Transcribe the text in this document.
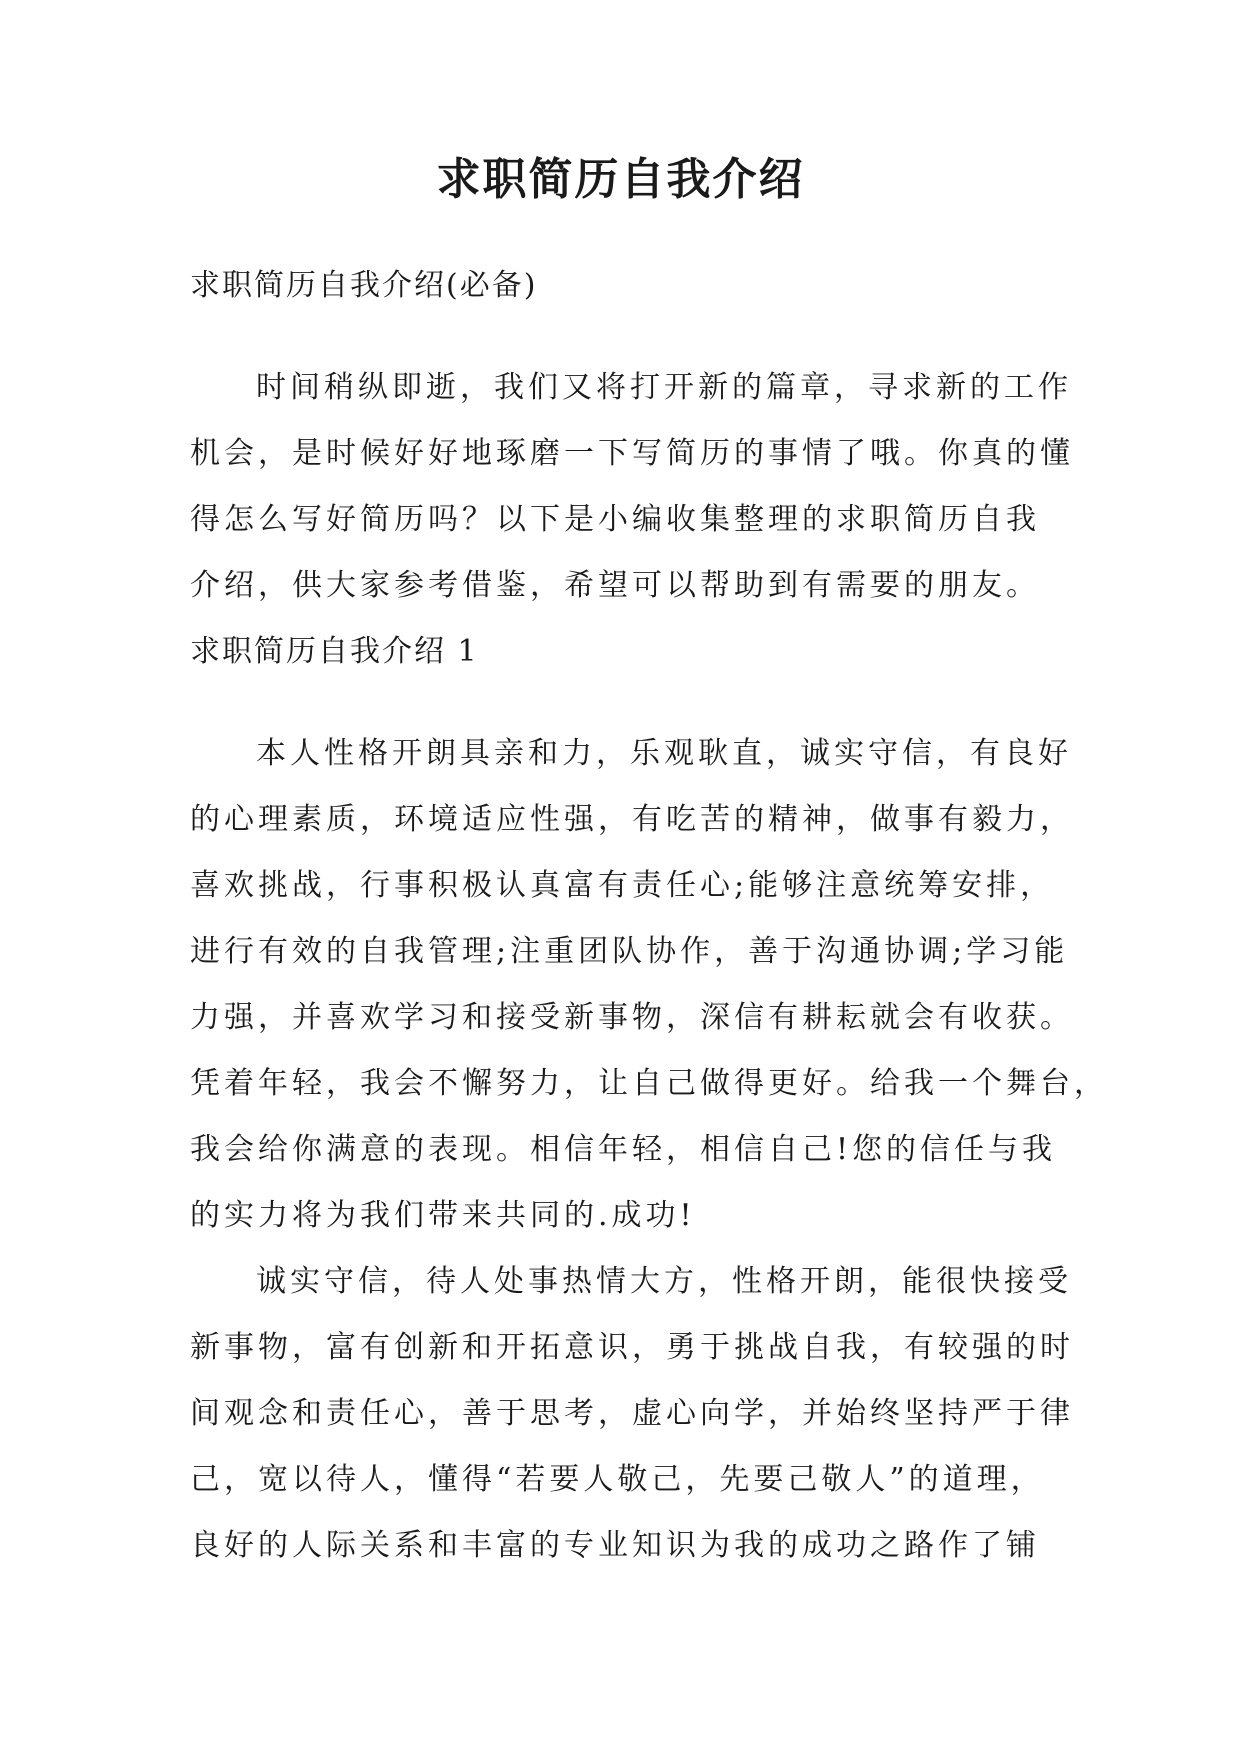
求职简历自我介绍

求职简历自我介绍(必备)

时间稍纵即逝，我们又将打开新的篇章，寻求新的工作
机会，是时候好好地琢磨一下写简历的事情了哦。你真的懂
得怎么写好简历吗？以下是小编收集整理的求职简历自我
介绍，供大家参考借鉴，希望可以帮助到有需要的朋友。

求职简历自我介绍 1

本人性格开朗具亲和力，乐观耿直，诚实守信，有良好
的心理素质，环境适应性强，有吃苦的精神，做事有毅力，
喜欢挑战，行事积极认真富有责任心;能够注意统筹安排，
进行有效的自我管理;注重团队协作，善于沟通协调;学习能
力强，并喜欢学习和接受新事物，深信有耕耘就会有收获。
凭着年轻，我会不懈努力，让自己做得更好。给我一个舞台，
我会给你满意的表现。相信年轻，相信自己!您的信任与我
的实力将为我们带来共同的.成功!
诚实守信，待人处事热情大方，性格开朗，能很快接受
新事物，富有创新和开拓意识，勇于挑战自我，有较强的时
间观念和责任心，善于思考，虚心向学，并始终坚持严于律
己，宽以待人，懂得“若要人敬己，先要己敬人”的道理，
良好的人际关系和丰富的专业知识为我的成功之路作了铺
